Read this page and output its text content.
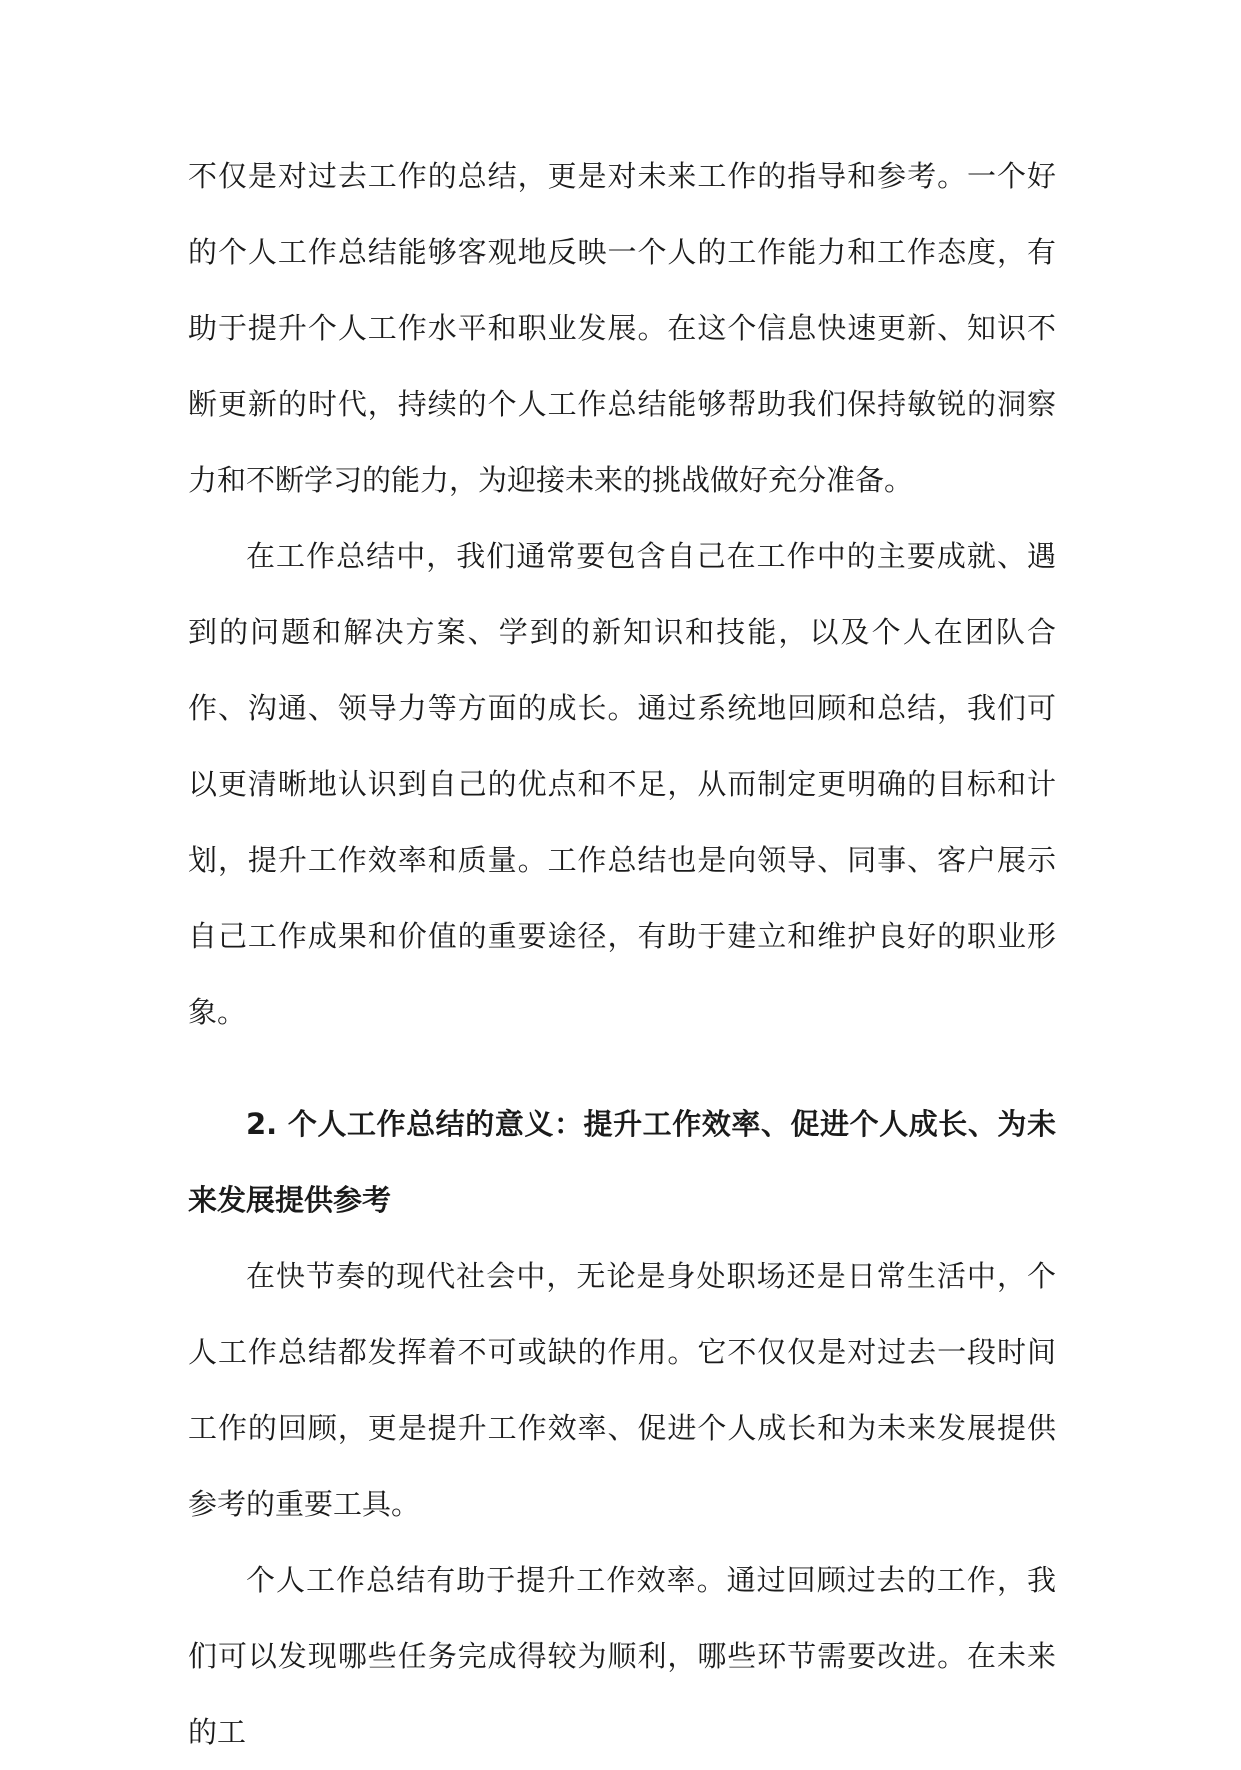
不仅是对过去工作的总结，更是对未来工作的指导和参考。一个好的个人工作总结能够客观地反映一个人的工作能力和工作态度，有助于提升个人工作水平和职业发展。在这个信息快速更新、知识不断更新的时代，持续的个人工作总结能够帮助我们保持敏锐的洞察力和不断学习的能力，为迎接未来的挑战做好充分准备。

在工作总结中，我们通常要包含自己在工作中的主要成就、遇到的问题和解决方案、学到的新知识和技能，以及个人在团队合作、沟通、领导力等方面的成长。通过系统地回顾和总结，我们可以更清晰地认识到自己的优点和不足，从而制定更明确的目标和计划，提升工作效率和质量。工作总结也是向领导、同事、客户展示自己工作成果和价值的重要途径，有助于建立和维护良好的职业形象。

2. 个人工作总结的意义：提升工作效率、促进个人成长、为未来发展提供参考

在快节奏的现代社会中，无论是身处职场还是日常生活中，个人工作总结都发挥着不可或缺的作用。它不仅仅是对过去一段时间工作的回顾，更是提升工作效率、促进个人成长和为未来发展提供参考的重要工具。

个人工作总结有助于提升工作效率。通过回顾过去的工作，我们可以发现哪些任务完成得较为顺利，哪些环节需要改进。在未来的工
